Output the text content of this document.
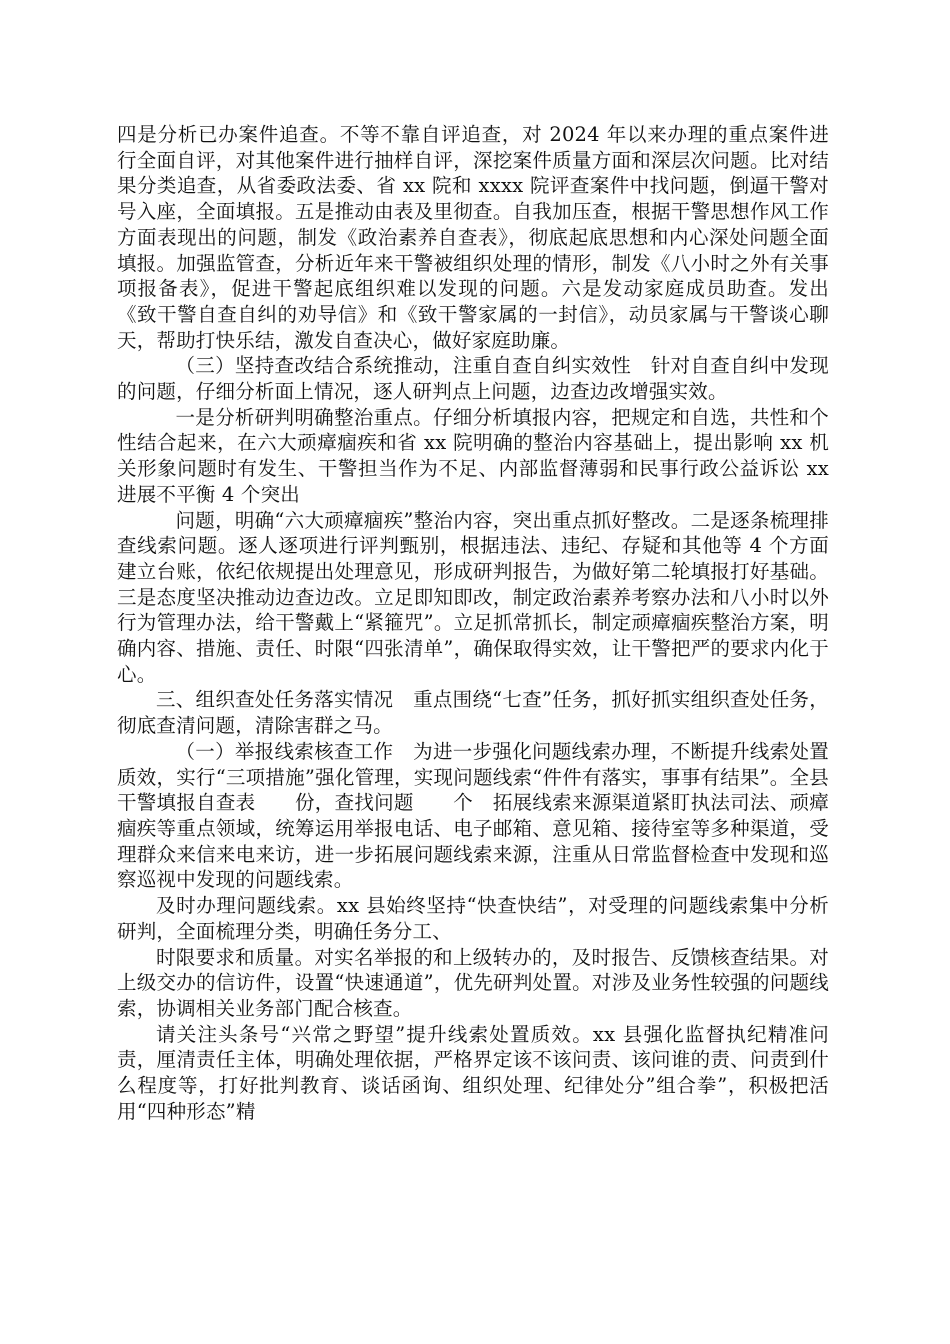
四是分析已办案件追查。不等不靠自评追查，对 2024 年以来办理的重点案件进行全面自评，对其他案件进行抽样自评，深挖案件质量方面和深层次问题。比对结果分类追查，从省委政法委、省 xx 院和 xxxx 院评查案件中找问题，倒逼干警对号入座，全面填报。五是推动由表及里彻查。自我加压查，根据干警思想作风工作方面表现出的问题，制发《政治素养自查表》，彻底起底思想和内心深处问题全面填报。加强监管查，分析近年来干警被组织处理的情形，制发《八小时之外有关事项报备表》，促进干警起底组织难以发现的问题。六是发动家庭成员助查。发出《致干警自查自纠的劝导信》和《致干警家属的一封信》，动员家属与干警谈心聊天，帮助打快乐结，激发自查决心，做好家庭助廉。

（三）坚持查改结合系统推动，注重自查自纠实效性　针对自查自纠中发现的问题，仔细分析面上情况，逐人研判点上问题，边查边改增强实效。

一是分析研判明确整治重点。仔细分析填报内容，把规定和自选，共性和个性结合起来，在六大顽瘴痼疾和省 xx 院明确的整治内容基础上，提出影响 xx 机关形象问题时有发生、干警担当作为不足、内部监督薄弱和民事行政公益诉讼 xx 进展不平衡 4 个突出

问题，明确“六大顽瘴痼疾”整治内容，突出重点抓好整改。二是逐条梳理排查线索问题。逐人逐项进行评判甄别，根据违法、违纪、存疑和其他等 4 个方面建立台账，依纪依规提出处理意见，形成研判报告，为做好第二轮填报打好基础。三是态度坚决推动边查边改。立足即知即改，制定政治素养考察办法和八小时以外行为管理办法，给干警戴上“紧箍咒”。立足抓常抓长，制定顽瘴痼疾整治方案，明确内容、措施、责任、时限“四张清单”，确保取得实效，让干警把严的要求内化于心。

三、组织查处任务落实情况　重点围绕“七查”任务，抓好抓实组织查处任务，彻底查清问题，清除害群之马。

（一）举报线索核查工作　为进一步强化问题线索办理，不断提升线索处置质效，实行“三项措施”强化管理，实现问题线索“件件有落实，事事有结果”。全县　　干警填报自查表　　份，查找问题　　个　拓展线索来源渠道紧盯执法司法、顽瘴痼疾等重点领域，统筹运用举报电话、电子邮箱、意见箱、接待室等多种渠道，受理群众来信来电来访，进一步拓展问题线索来源，注重从日常监督检查中发现和巡察巡视中发现的问题线索。

及时办理问题线索。xx 县始终坚持“快查快结”，对受理的问题线索集中分析研判，全面梳理分类，明确任务分工、

时限要求和质量。对实名举报的和上级转办的，及时报告、反馈核查结果。对上级交办的信访件，设置“快速通道”，优先研判处置。对涉及业务性较强的问题线索，协调相关业务部门配合核查。

请关注头条号“兴常之野望”提升线索处置质效。xx 县强化监督执纪精准问责，厘清责任主体，明确处理依据，严格界定该不该问责、该问谁的责、问责到什么程度等，打好批判教育、谈话函询、组织处理、纪律处分”组合拳”，积极把活用“四种形态”精
